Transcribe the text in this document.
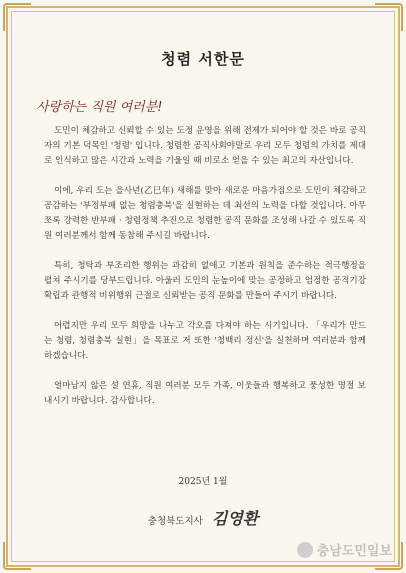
청렴 서한문
사랑하는 직원 여러분!

도민이 체감하고 신뢰할 수 있는 도정 운영을 위해 전제가 되어야 할 것은 바로 공직자의 기본 덕목인 '청렴' 입니다. 청렴한 공직사회야말로 우리 모두 청렴의 가치를 제대로 인식하고 많은 시간과 노력을 기울일 때 비로소 얻을 수 있는 최고의 자산입니다.

이에, 우리 도는 을사년(乙巳年) 새해를 맞아 새로운 마음가짐으로 도민이 체감하고 공감하는 '부정부패 없는 청렴충북'을 실현하는 데 최선의 노력을 다할 것입니다. 아무쪼록 강력한 반부패 · 청렴정책 추진으로 청렴한 공직 문화를 조성해 나갈 수 있도록 직원 여러분께서 함께 동참해 주시길 바랍니다.

특히, 청탁과 부조리한 행위는 과감히 없애고 기본과 원칙을 준수하는 적극행정을 펼쳐 주시기를 당부드립니다. 아울러 도민의 눈높이에 맞는 공정하고 엄정한 공직기강 확립과 관행적 비위행위 근절로 신뢰받는 공직 문화를 만들어 주시기 바랍니다.

어렵지만 우리 모두 희망을 나누고 각오를 다져야 하는 시기입니다. 「우리가 만드는 청렴, 청렴충북 실현」을 목표로 저 또한 '청백리 정신'을 실천하며 여러분과 함께 하겠습니다.

얼마남지 않은 설 연휴, 직원 여러분 모두 가족, 이웃들과 행복하고 풍성한 명절 보내시기 바랍니다. 감사합니다.

2025년 1월
충청북도지사 김영환
충남도민일보
